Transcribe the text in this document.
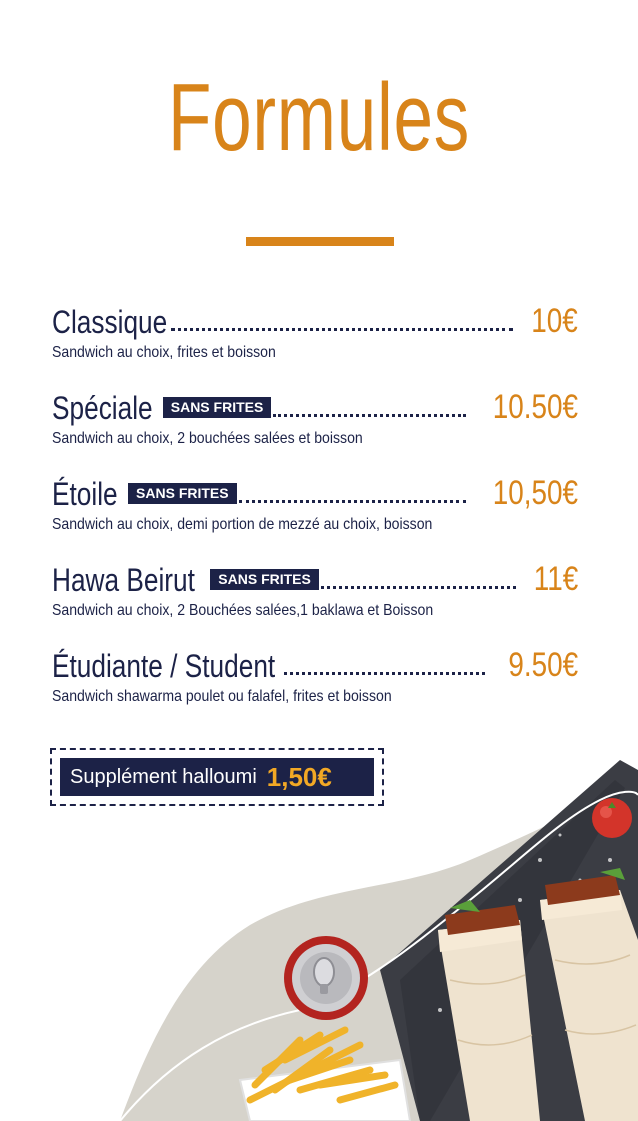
Formules
Classique	10€
Sandwich au choix, frites et boisson
Spéciale	SANS FRITES	10.50€
Sandwich au choix, 2 bouchées salées et boisson
Étoile	SANS FRITES	10,50€
Sandwich au choix, demi portion de mezzé au choix, boisson
Hawa Beirut	SANS FRITES	11€
Sandwich au choix, 2 Bouchées salées,1 baklawa et Boisson
Étudiante / Student	9.50€
Sandwich shawarma poulet ou falafel, frites et boisson
Supplément halloumi 1,50€
